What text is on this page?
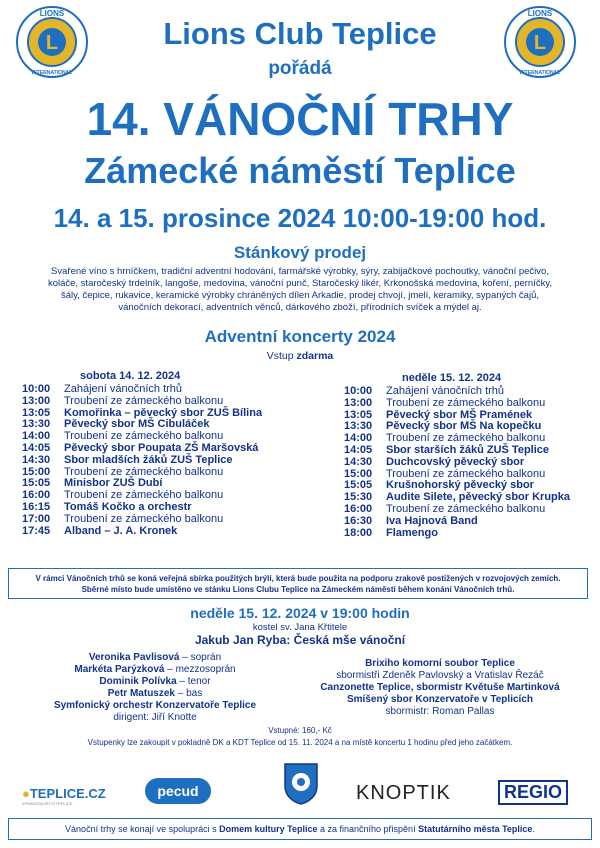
L
LIONS
INTERNATIONAL
L
LIONS
INTERNATIONAL
Lions Club Teplice
pořádá
14. VÁNOČNÍ TRHY
Zámecké náměstí Teplice
14. a 15. prosince 2024 10:00-19:00 hod.
Stánkový prodej
Svařené víno s hrníčkem, tradiční adventní hodování, farmářské výrobky, sýry, zabijačkové pochoutky, vánoční pečivo,
koláče, staročeský trdelník, langoše, medovina, vánoční punč, Staročeský likér, Krkonošská medovina, koření, perníčky,
šály, čepice, rukavice, keramické výrobky chráněných dílen Arkadie, prodej chvojí, jmelí, keramiky, sypaných čajů,
vánočních dekorací, adventních věnců, dárkového zboží, přírodních svíček a mýdel aj.
Adventní koncerty 2024
Vstup zdarma
sobota 14. 12. 2024
10:00 Zahájení vánočních trhů
13:00 Troubení ze zámeckého balkonu
13:05 Komořinka – pěvecký sbor ZUŠ Bílina
13:30 Pěvecký sbor MŠ Cibuláček
14:00 Troubení ze zámeckého balkonu
14:05 Pěvecký sbor Poupata ZŠ Maršovská
14:30 Sbor mladších žáků ZUŠ Teplice
15:00 Troubení ze zámeckého balkonu
15:05 Minisbor ZUŠ Dubí
16:00 Troubení ze zámeckého balkonu
16:15 Tomáš Kočko a orchestr
17:00 Troubení ze zámeckého balkonu
17:45 Alband – J. A. Kronek
neděle 15. 12. 2024
10:00 Zahájení vánočních trhů
13:00 Troubení ze zámeckého balkonu
13:05 Pěvecký sbor MŠ Pramének
13:30 Pěvecký sbor MŠ Na kopečku
14:00 Troubení ze zámeckého balkonu
14:05 Sbor starších žáků ZUŠ Teplice
14:30 Duchcovský pěvecký sbor
15:00 Troubení ze zámeckého balkonu
15:05 Krušnohorský pěvecký sbor
15:30 Audite Silete, pěvecký sbor Krupka
16:00 Troubení ze zámeckého balkonu
16:30 Iva Hajnová Band
18:00 Flamengo
V rámci Vánočních trhů se koná veřejná sbírka použitých brýlí, která bude použita na podporu zrakově postižených v rozvojových zemích.
Sběrné místo bude umístěno ve stánku Lions Clubu Teplice na Zámeckém náměstí během konání Vánočních trhů.
neděle 15. 12. 2024 v 19:00 hodin
kostel sv. Jana Křtitele
Jakub Jan Ryba: Česká mše vánoční
Veronika Pavlisová – soprán
Markéta Parýzková – mezzosoprán
Dominik Polívka – tenor
Petr Matuszek – bas
Symfonický orchestr Konzervatoře Teplice
dirigent: Jiří Knotte
Brixiho komorní soubor Teplice
sbormistři Zdeněk Pavlovský a Vratislav Řezáč
Canzonette Teplice, sbormistr Květuše Martinková
Smíšený sbor Konzervatoře v Teplicích
sbormistr: Roman Pallas
Vstupné: 160,- Kč
Vstupenky lze zakoupit v pokladně DK a KDT Teplice od 15. 11. 2024 a na místě koncertu 1 hodinu před jeho začátkem.
●TEPLICE.CZ
ZPRAVODAJSTVÍ TEPLICE
pecud	KNOPTIK	REGIO
Vánoční trhy se konají ve spolupráci s Domem kultury Teplice a za finančního přispění Statutárního města Teplice.
